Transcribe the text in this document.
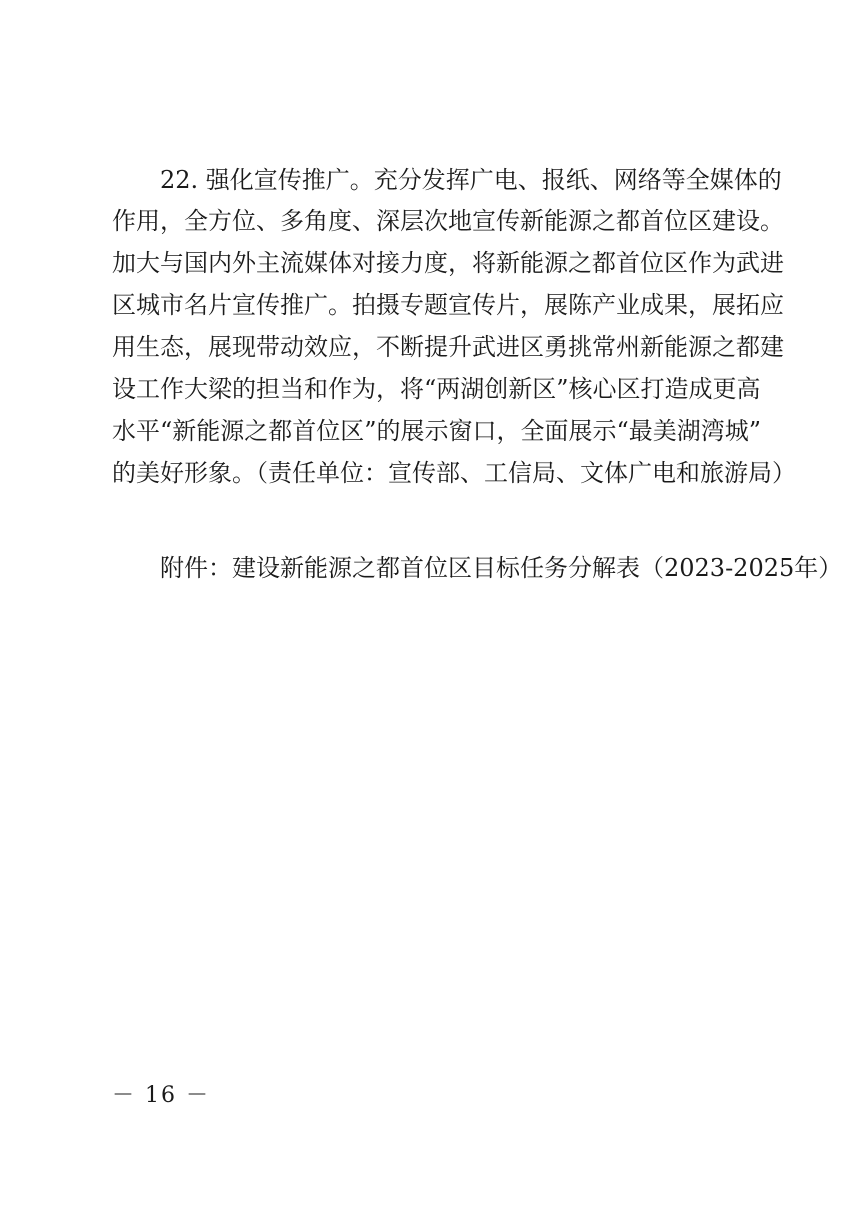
22. 强化宣传推广。充分发挥广电、报纸、网络等全媒体的
作用，全方位、多角度、深层次地宣传新能源之都首位区建设。
加大与国内外主流媒体对接力度，将新能源之都首位区作为武进
区城市名片宣传推广。拍摄专题宣传片，展陈产业成果，展拓应
用生态，展现带动效应，不断提升武进区勇挑常州新能源之都建
设工作大梁的担当和作为，将“两湖创新区”核心区打造成更高
水平“新能源之都首位区”的展示窗口，全面展示“最美湖湾城”
的美好形象。（责任单位：宣传部、工信局、文体广电和旅游局）
附件：建设新能源之都首位区目标任务分解表（2023-2025年）
－ 16 －
